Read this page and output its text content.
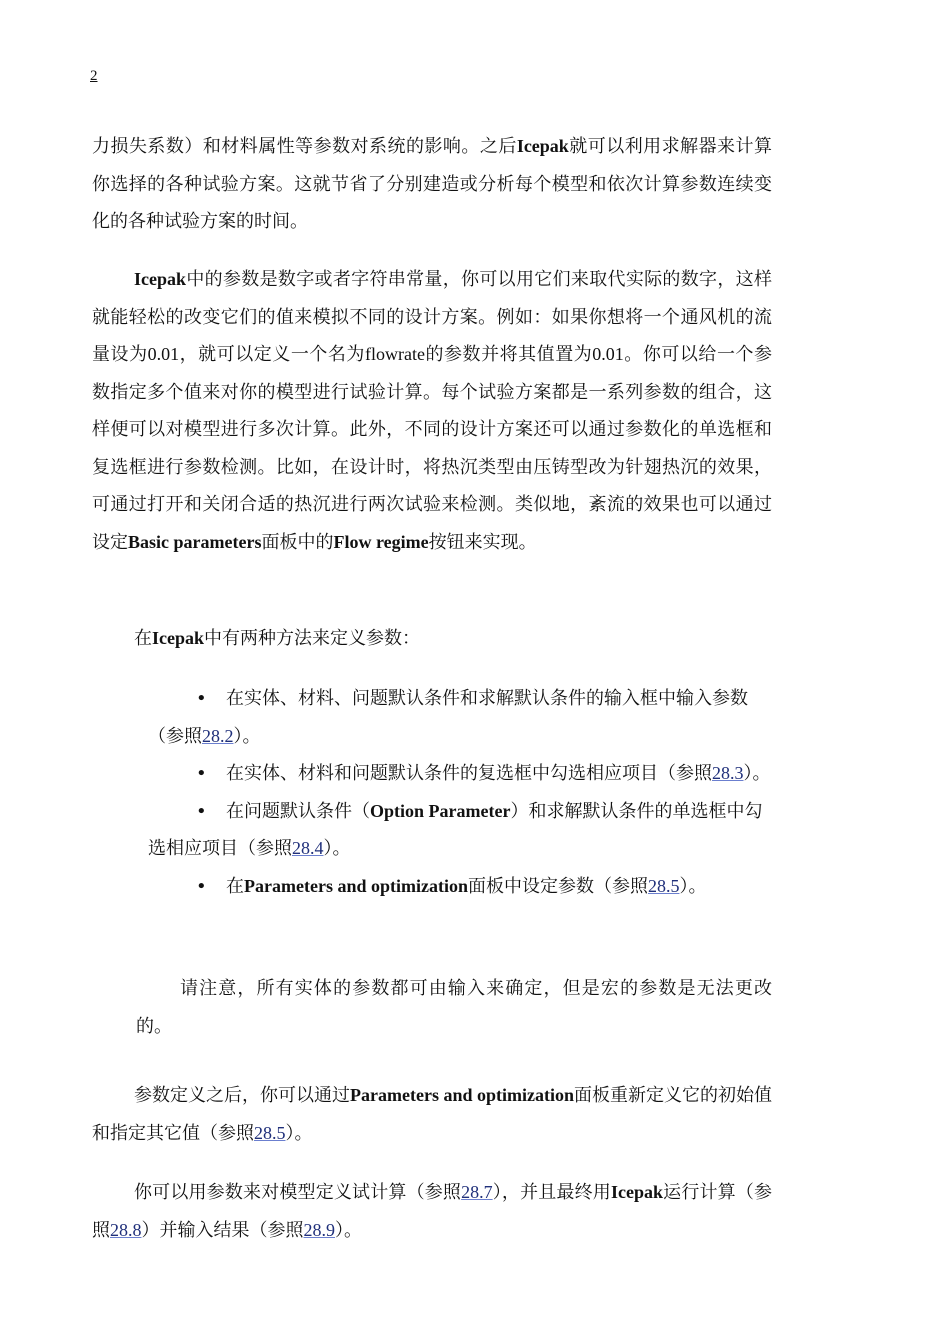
2

力损失系数）和材料属性等参数对系统的影响。之后Icepak就可以利用求解器来计算你选择的各种试验方案。这就节省了分别建造或分析每个模型和依次计算参数连续变化的各种试验方案的时间。

Icepak中的参数是数字或者字符串常量，你可以用它们来取代实际的数字，这样就能轻松的改变它们的值来模拟不同的设计方案。例如：如果你想将一个通风机的流量设为0.01，就可以定义一个名为flowrate的参数并将其值置为0.01。你可以给一个参数指定多个值来对你的模型进行试验计算。每个试验方案都是一系列参数的组合，这样便可以对模型进行多次计算。此外，不同的设计方案还可以通过参数化的单选框和复选框进行参数检测。比如，在设计时，将热沉类型由压铸型改为针翅热沉的效果，可通过打开和关闭合适的热沉进行两次试验来检测。类似地，紊流的效果也可以通过设定Basic parameters面板中的Flow regime按钮来实现。

在Icepak中有两种方法来定义参数：

•	在实体、材料、问题默认条件和求解默认条件的输入框中输入参数（参照28.2）。
•	在实体、材料和问题默认条件的复选框中勾选相应项目（参照28.3）。
•	在问题默认条件（Option Parameter）和求解默认条件的单选框中勾选相应项目（参照28.4）。
•	在Parameters and optimization面板中设定参数（参照28.5）。

请注意，所有实体的参数都可由输入来确定，但是宏的参数是无法更改的。

参数定义之后，你可以通过Parameters and optimization面板重新定义它的初始值和指定其它值（参照28.5）。

你可以用参数来对模型定义试计算（参照28.7），并且最终用Icepak运行计算（参照28.8）并输入结果（参照28.9）。
